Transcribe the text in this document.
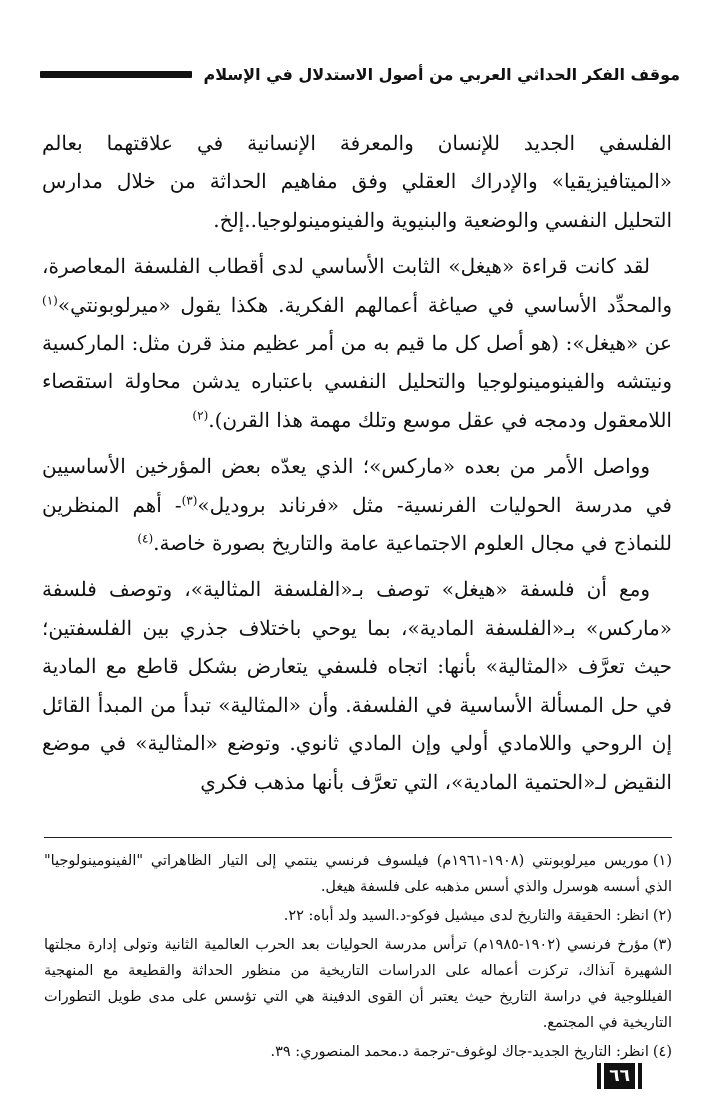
موقف الفكر الحداثي العربي من أصول الاستدلال في الإسلام

الفلسفي الجديد للإنسان والمعرفة الإنسانية في علاقتهما بعالم «الميتافيزيقيا» والإدراك العقلي وفق مفاهيم الحداثة من خلال مدارس التحليل النفسي والوضعية والبنيوية والفينومينولوجيا..إلخ.

لقد كانت قراءة «هيغل» الثابت الأساسي لدى أقطاب الفلسفة المعاصرة، والمحدِّد الأساسي في صياغة أعمالهم الفكرية. هكذا يقول «ميرلوبونتي»$^{(١)}$ عن «هيغل»: (هو أصل كل ما قيم به من أمر عظيم منذ قرن مثل: الماركسية ونيتشه والفينومينولوجيا والتحليل النفسي باعتباره يدشن محاولة استقصاء اللامعقول ودمجه في عقل موسع وتلك مهمة هذا القرن).$^{(٢)}$

وواصل الأمر من بعده «ماركس»؛ الذي يعدّه بعض المؤرخين الأساسيين في مدرسة الحوليات الفرنسية- مثل «فرناند بروديل»$^{(٣)}$- أهم المنظرين للنماذج في مجال العلوم الاجتماعية عامة والتاريخ بصورة خاصة.$^{(٤)}$

ومع أن فلسفة «هيغل» توصف بـ«الفلسفة المثالية»، وتوصف فلسفة «ماركس» بـ«الفلسفة المادية»، بما يوحي باختلاف جذري بين الفلسفتين؛ حيث تعرَّف «المثالية» بأنها: اتجاه فلسفي يتعارض بشكل قاطع مع المادية في حل المسألة الأساسية في الفلسفة. وأن «المثالية» تبدأ من المبدأ القائل إن الروحي واللامادي أولي وإن المادي ثانوي. وتوضع «المثالية» في موضع النقيض لـ«الحتمية المادية»، التي تعرَّف بأنها مذهب فكري

(١)موريس ميرلوبونتي (١٩٠٨-١٩٦١م) فيلسوف فرنسي ينتمي إلى التيار الظاهراتي "الفينومينولوجيا" الذي أسسه هوسرل والذي أسس مذهبه على فلسفة هيغل.

(٢)انظر: الحقيقة والتاريخ لدى ميشيل فوكو-د.السيد ولد أباه: ٢٢.

(٣)مؤرخ فرنسي (١٩٠٢-١٩٨٥م) ترأس مدرسة الحوليات بعد الحرب العالمية الثانية وتولى إدارة مجلتها الشهيرة آنذاك، تركزت أعماله على الدراسات التاريخية من منظور الحداثة والقطيعة مع المنهجية الفيللوجية في دراسة التاريخ حيث يعتبر أن القوى الدفينة هي التي تؤسس على مدى طويل التطورات التاريخية في المجتمع.

(٤)انظر: التاريخ الجديد-جاك لوغوف-ترجمة د.محمد المنصوري: ٣٩.

٦٦
